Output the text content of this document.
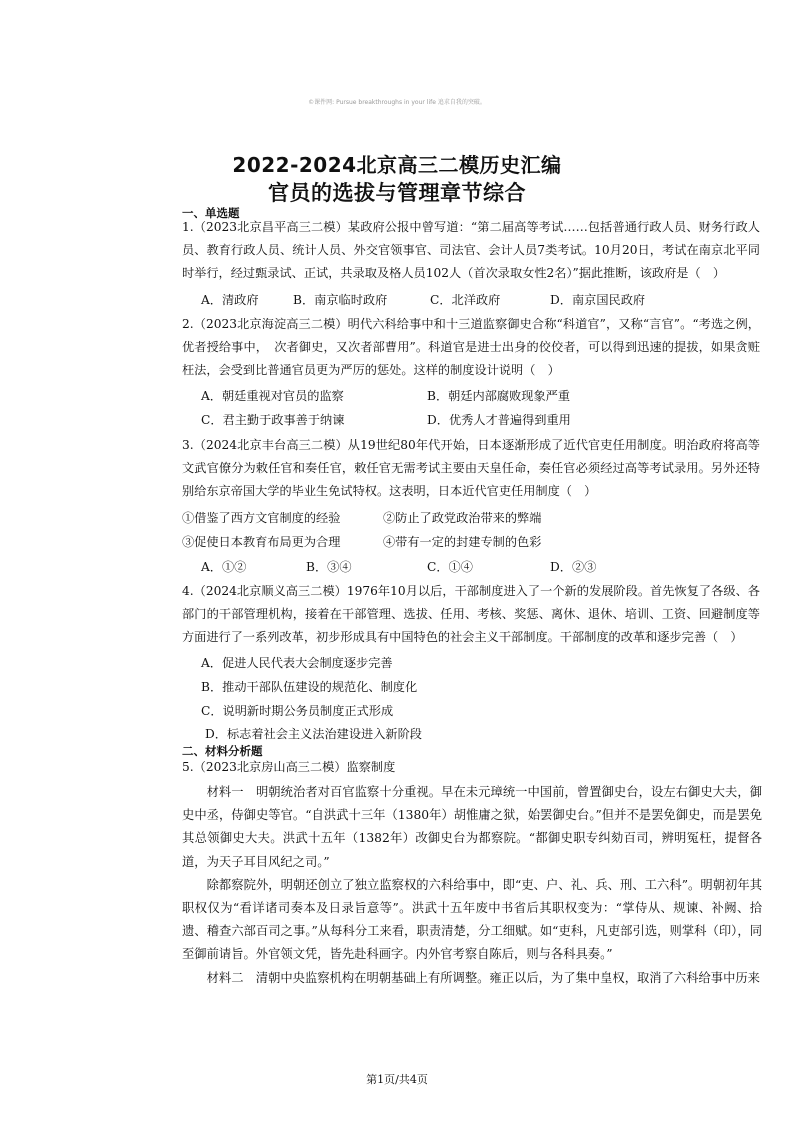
©课件网: Pursue breakthroughs in your life 追求自我的突破。
2022-2024北京高三二模历史汇编
官员的选拔与管理章节综合
一、单选题
1.（2023北京昌平高三二模）某政府公报中曾写道：“第二届高等考试……包括普通行政人员、财务行政人员、教育行政人员、统计人员、外交官领事官、司法官、会计人员7类考试。10月20日，考试在南京北平同时举行，经过甄录试、正试，共录取及格人员102人（首次录取女性2名）”据此推断，该政府是（　）
A．清政府	B．南京临时政府	C．北洋政府	D．南京国民政府
2.（2023北京海淀高三二模）明代六科给事中和十三道监察御史合称“科道官”，又称“言官”。“考选之例，优者授给事中，　次者御史，又次者部曹用”。科道官是进士出身的佼佼者，可以得到迅速的提拔，如果贪赃枉法，会受到比普通官员更为严厉的惩处。这样的制度设计说明（　）
A．朝廷重视对官员的监察	B．朝廷内部腐败现象严重
C．君主勤于政事善于纳谏	D．优秀人才普遍得到重用
3.（2024北京丰台高三二模）从19世纪80年代开始，日本逐渐形成了近代官吏任用制度。明治政府将高等文武官僚分为敕任官和奏任官，敕任官无需考试主要由天皇任命，奏任官必须经过高等考试录用。另外还特别给东京帝国大学的毕业生免试特权。这表明，日本近代官吏任用制度（　）
①借鉴了西方文官制度的经验	②防止了政党政治带来的弊端
③促使日本教育布局更为合理	④带有一定的封建专制的色彩
A．①②	B．③④	C．①④	D．②③
4.（2024北京顺义高三二模）1976年10月以后，干部制度进入了一个新的发展阶段。首先恢复了各级、各部门的干部管理机构，接着在干部管理、选拔、任用、考核、奖惩、离休、退休、培训、工资、回避制度等方面进行了一系列改革，初步形成具有中国特色的社会主义干部制度。干部制度的改革和逐步完善（　）
A．促进人民代表大会制度逐步完善
B．推动干部队伍建设的规范化、制度化
C．说明新时期公务员制度正式形成
D．标志着社会主义法治建设进入新阶段
二、材料分析题
5.（2023北京房山高三二模）监察制度

材料一　明朝统治者对百官监察十分重视。早在未元璋统一中国前，曾置御史台，设左右御史大夫，御史中丞，侍御史等官。“自洪武十三年（1380年）胡惟庸之狱，始罢御史台。”但并不是罢免御史，而是罢免其总领御史大夫。洪武十五年（1382年）改御史台为都察院。“都御史职专纠劾百司，辨明冤枉，提督各道，为天子耳目风纪之司。”

除都察院外，明朝还创立了独立监察权的六科给事中，即“吏、户、礼、兵、刑、工六科”。明朝初年其职权仅为“看详诸司奏本及日录旨意等”。洪武十五年废中书省后其职权变为：“掌侍从、规谏、补阙、拾遗、稽查六部百司之事。”从每科分工来看，职责清楚，分工细赋。如“吏科，凡吏部引选，则掌科（印），同至御前请旨。外官领文凭，皆先赴科画字。内外官考察自陈后，则与各科具奏。”

材料二　清朝中央监察机构在明朝基础上有所调整。雍正以后，为了集中皇权，取消了六科给事中历来

第1页/共4页
